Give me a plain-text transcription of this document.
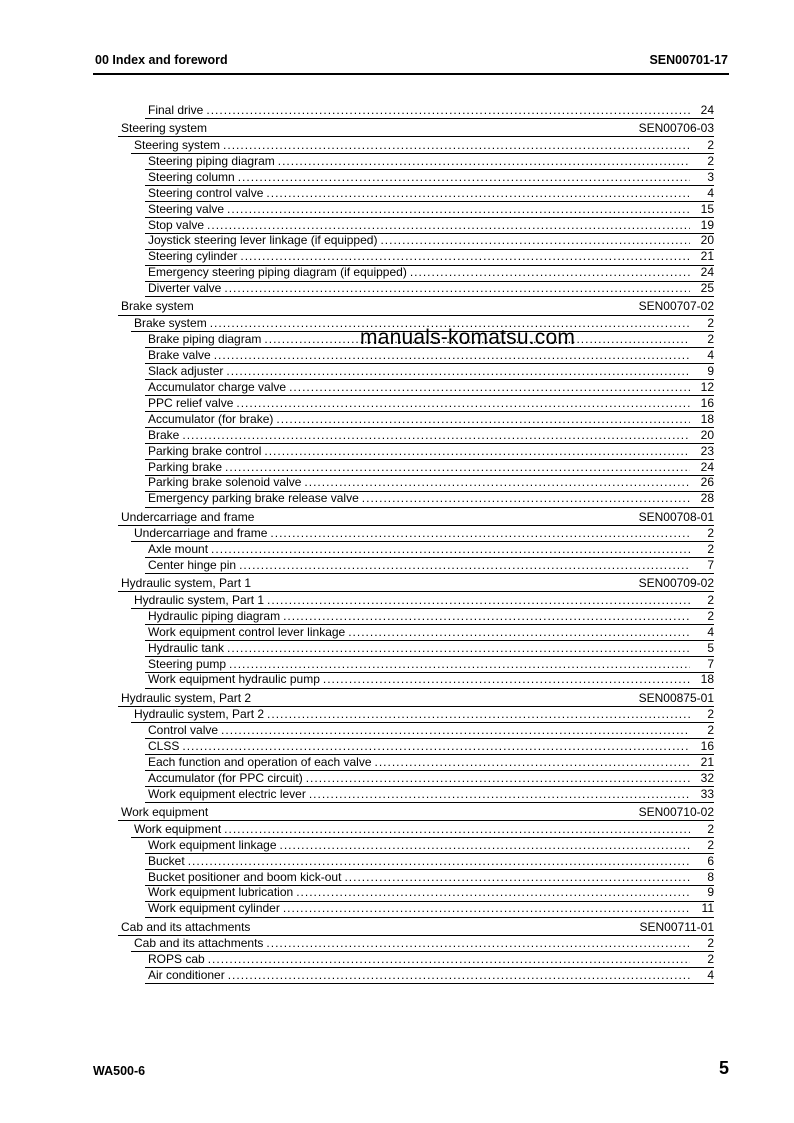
00 Index and foreword	SEN00701-17
Final drive .....	24
Steering system	SEN00706-03
Steering system .....	2
Steering piping diagram .....	2
Steering column .....	3
Steering control valve .....	4
Steering valve .....	15
Stop valve .....	19
Joystick steering lever linkage (if equipped) .....	20
Steering cylinder .....	21
Emergency steering piping diagram (if equipped) .....	24
Diverter valve .....	25
Brake system	SEN00707-02
Brake system .....	2
Brake piping diagram .....	2
Brake valve .....	4
Slack adjuster .....	9
Accumulator charge valve .....	12
PPC relief valve .....	16
Accumulator (for brake) .....	18
Brake .....	20
Parking brake control .....	23
Parking brake .....	24
Parking brake solenoid valve .....	26
Emergency parking brake release valve .....	28
Undercarriage and frame	SEN00708-01
Undercarriage and frame .....	2
Axle mount .....	2
Center hinge pin .....	7
Hydraulic system, Part 1	SEN00709-02
Hydraulic system, Part 1 .....	2
Hydraulic piping diagram .....	2
Work equipment control lever linkage .....	4
Hydraulic tank .....	5
Steering pump .....	7
Work equipment hydraulic pump .....	18
Hydraulic system, Part 2	SEN00875-01
Hydraulic system, Part 2 .....	2
Control valve .....	2
CLSS .....	16
Each function and operation of each valve .....	21
Accumulator (for PPC circuit) .....	32
Work equipment electric lever .....	33
Work equipment	SEN00710-02
Work equipment .....	2
Work equipment linkage .....	2
Bucket .....	6
Bucket positioner and boom kick-out .....	8
Work equipment lubrication .....	9
Work equipment cylinder .....	11
Cab and its attachments	SEN00711-01
Cab and its attachments .....	2
ROPS cab .....	2
Air conditioner .....	4
manuals-komatsu.com
WA500-6	5
